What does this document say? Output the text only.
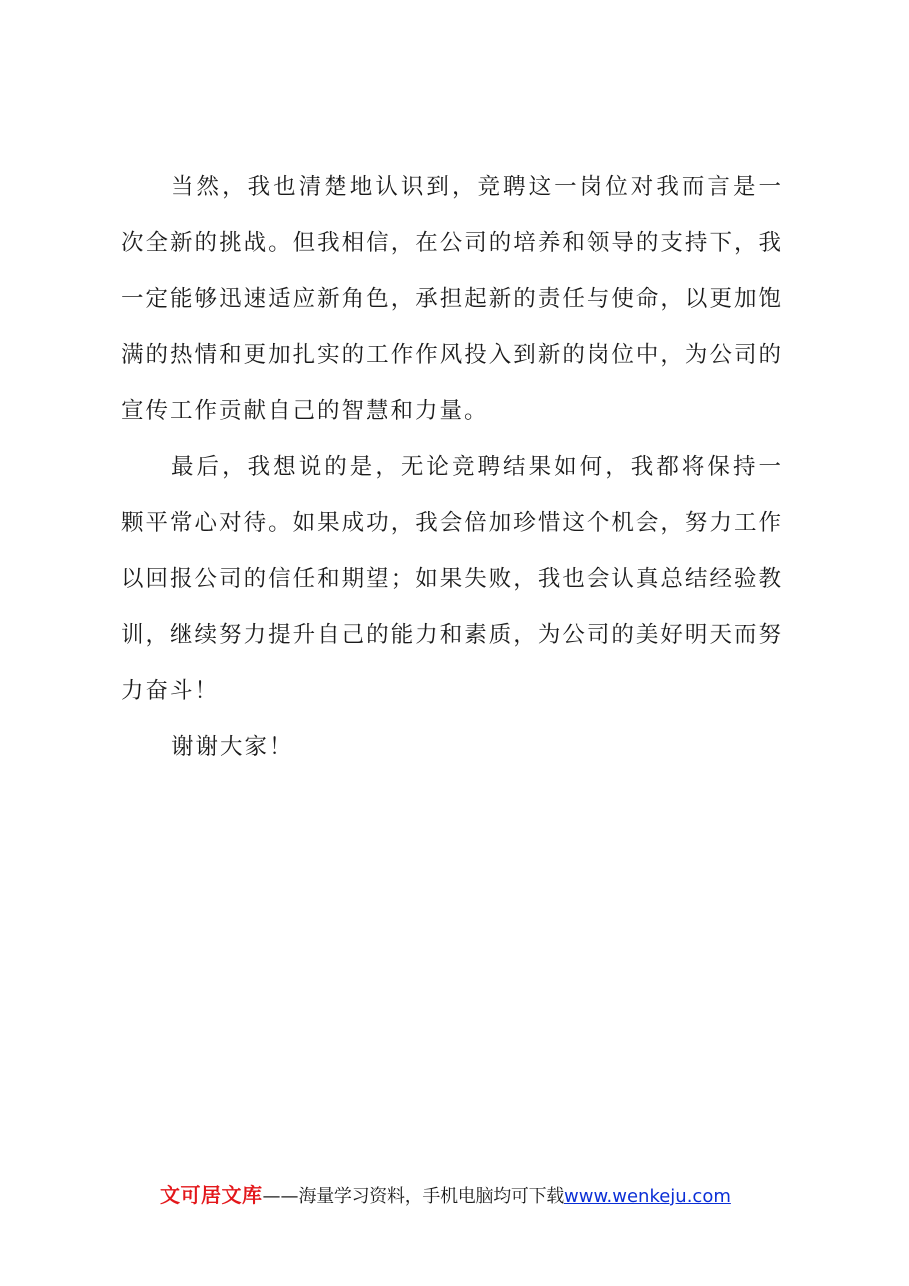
当然，我也清楚地认识到，竞聘这一岗位对我而言是一次全新的挑战。但我相信，在公司的培养和领导的支持下，我一定能够迅速适应新角色，承担起新的责任与使命，以更加饱满的热情和更加扎实的工作作风投入到新的岗位中，为公司的宣传工作贡献自己的智慧和力量。

最后，我想说的是，无论竞聘结果如何，我都将保持一颗平常心对待。如果成功，我会倍加珍惜这个机会，努力工作以回报公司的信任和期望；如果失败，我也会认真总结经验教训，继续努力提升自己的能力和素质，为公司的美好明天而努力奋斗！

谢谢大家！

文可居文库——海量学习资料，手机电脑均可下载www.wenkeju.com
